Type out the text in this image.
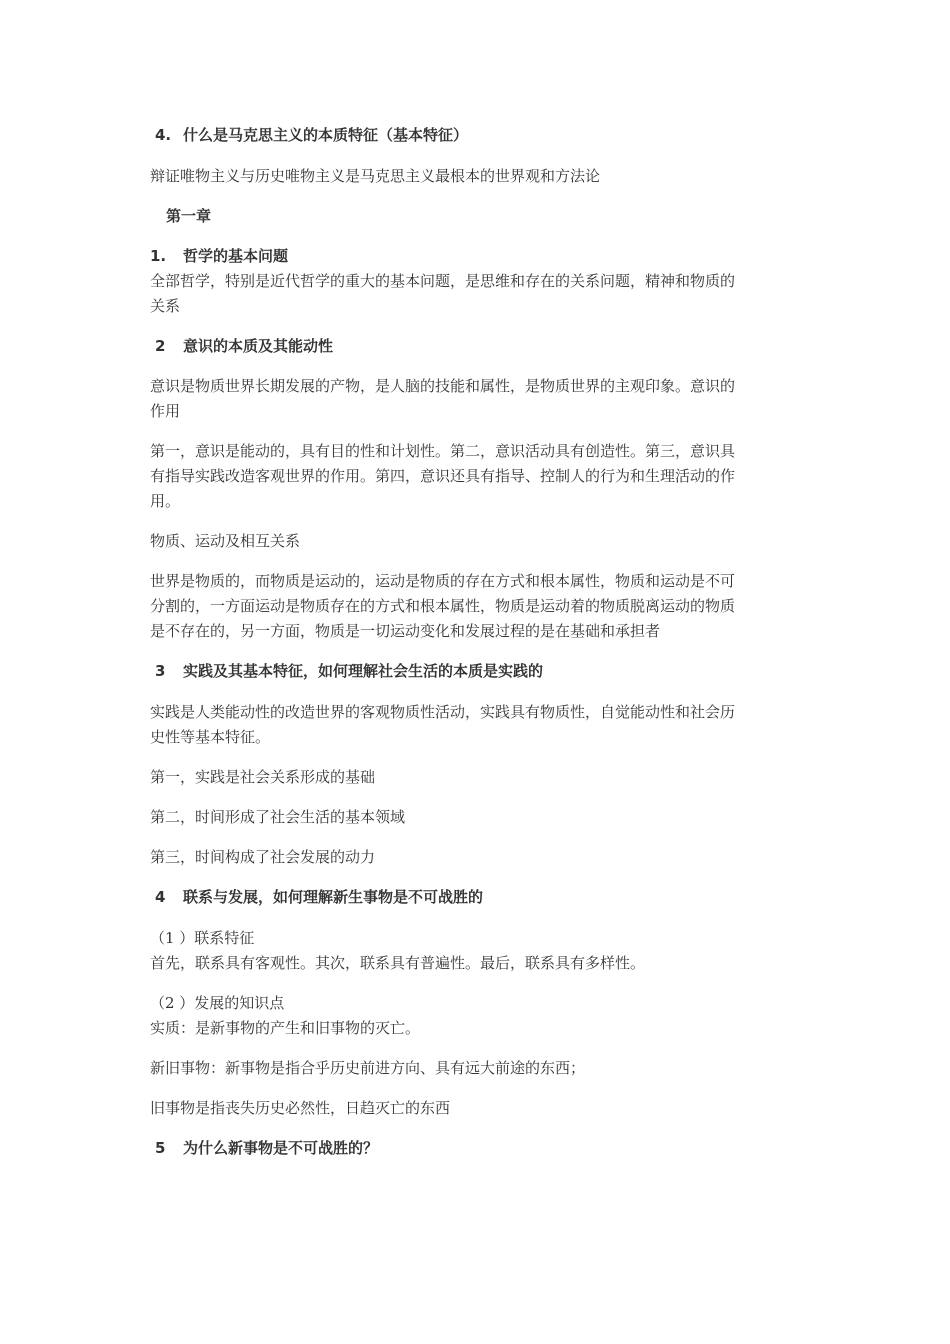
4. 什么是马克思主义的本质特征（基本特征）

辩证唯物主义与历史唯物主义是马克思主义最根本的世界观和方法论

第一章

1. 哲学的基本问题

全部哲学，特别是近代哲学的重大的基本问题，是思维和存在的关系问题，精神和物质的
关系

2 意识的本质及其能动性

意识是物质世界长期发展的产物，是人脑的技能和属性，是物质世界的主观印象。意识的
作用

第一，意识是能动的，具有目的性和计划性。第二，意识活动具有创造性。第三，意识具
有指导实践改造客观世界的作用。第四，意识还具有指导、控制人的行为和生理活动的作
用。

物质、运动及相互关系

世界是物质的，而物质是运动的，运动是物质的存在方式和根本属性，物质和运动是不可
分割的，一方面运动是物质存在的方式和根本属性，物质是运动着的物质脱离运动的物质
是不存在的，另一方面，物质是一切运动变化和发展过程的是在基础和承担者

3 实践及其基本特征，如何理解社会生活的本质是实践的

实践是人类能动性的改造世界的客观物质性活动，实践具有物质性，自觉能动性和社会历
史性等基本特征。

第一，实践是社会关系形成的基础

第二，时间形成了社会生活的基本领域

第三，时间构成了社会发展的动力

4 联系与发展，如何理解新生事物是不可战胜的

（1 ）联系特征
首先，联系具有客观性。其次，联系具有普遍性。最后，联系具有多样性。

（2 ）发展的知识点
实质：是新事物的产生和旧事物的灭亡。

新旧事物：新事物是指合乎历史前进方向、具有远大前途的东西；

旧事物是指丧失历史必然性，日趋灭亡的东西

5 为什么新事物是不可战胜的？
